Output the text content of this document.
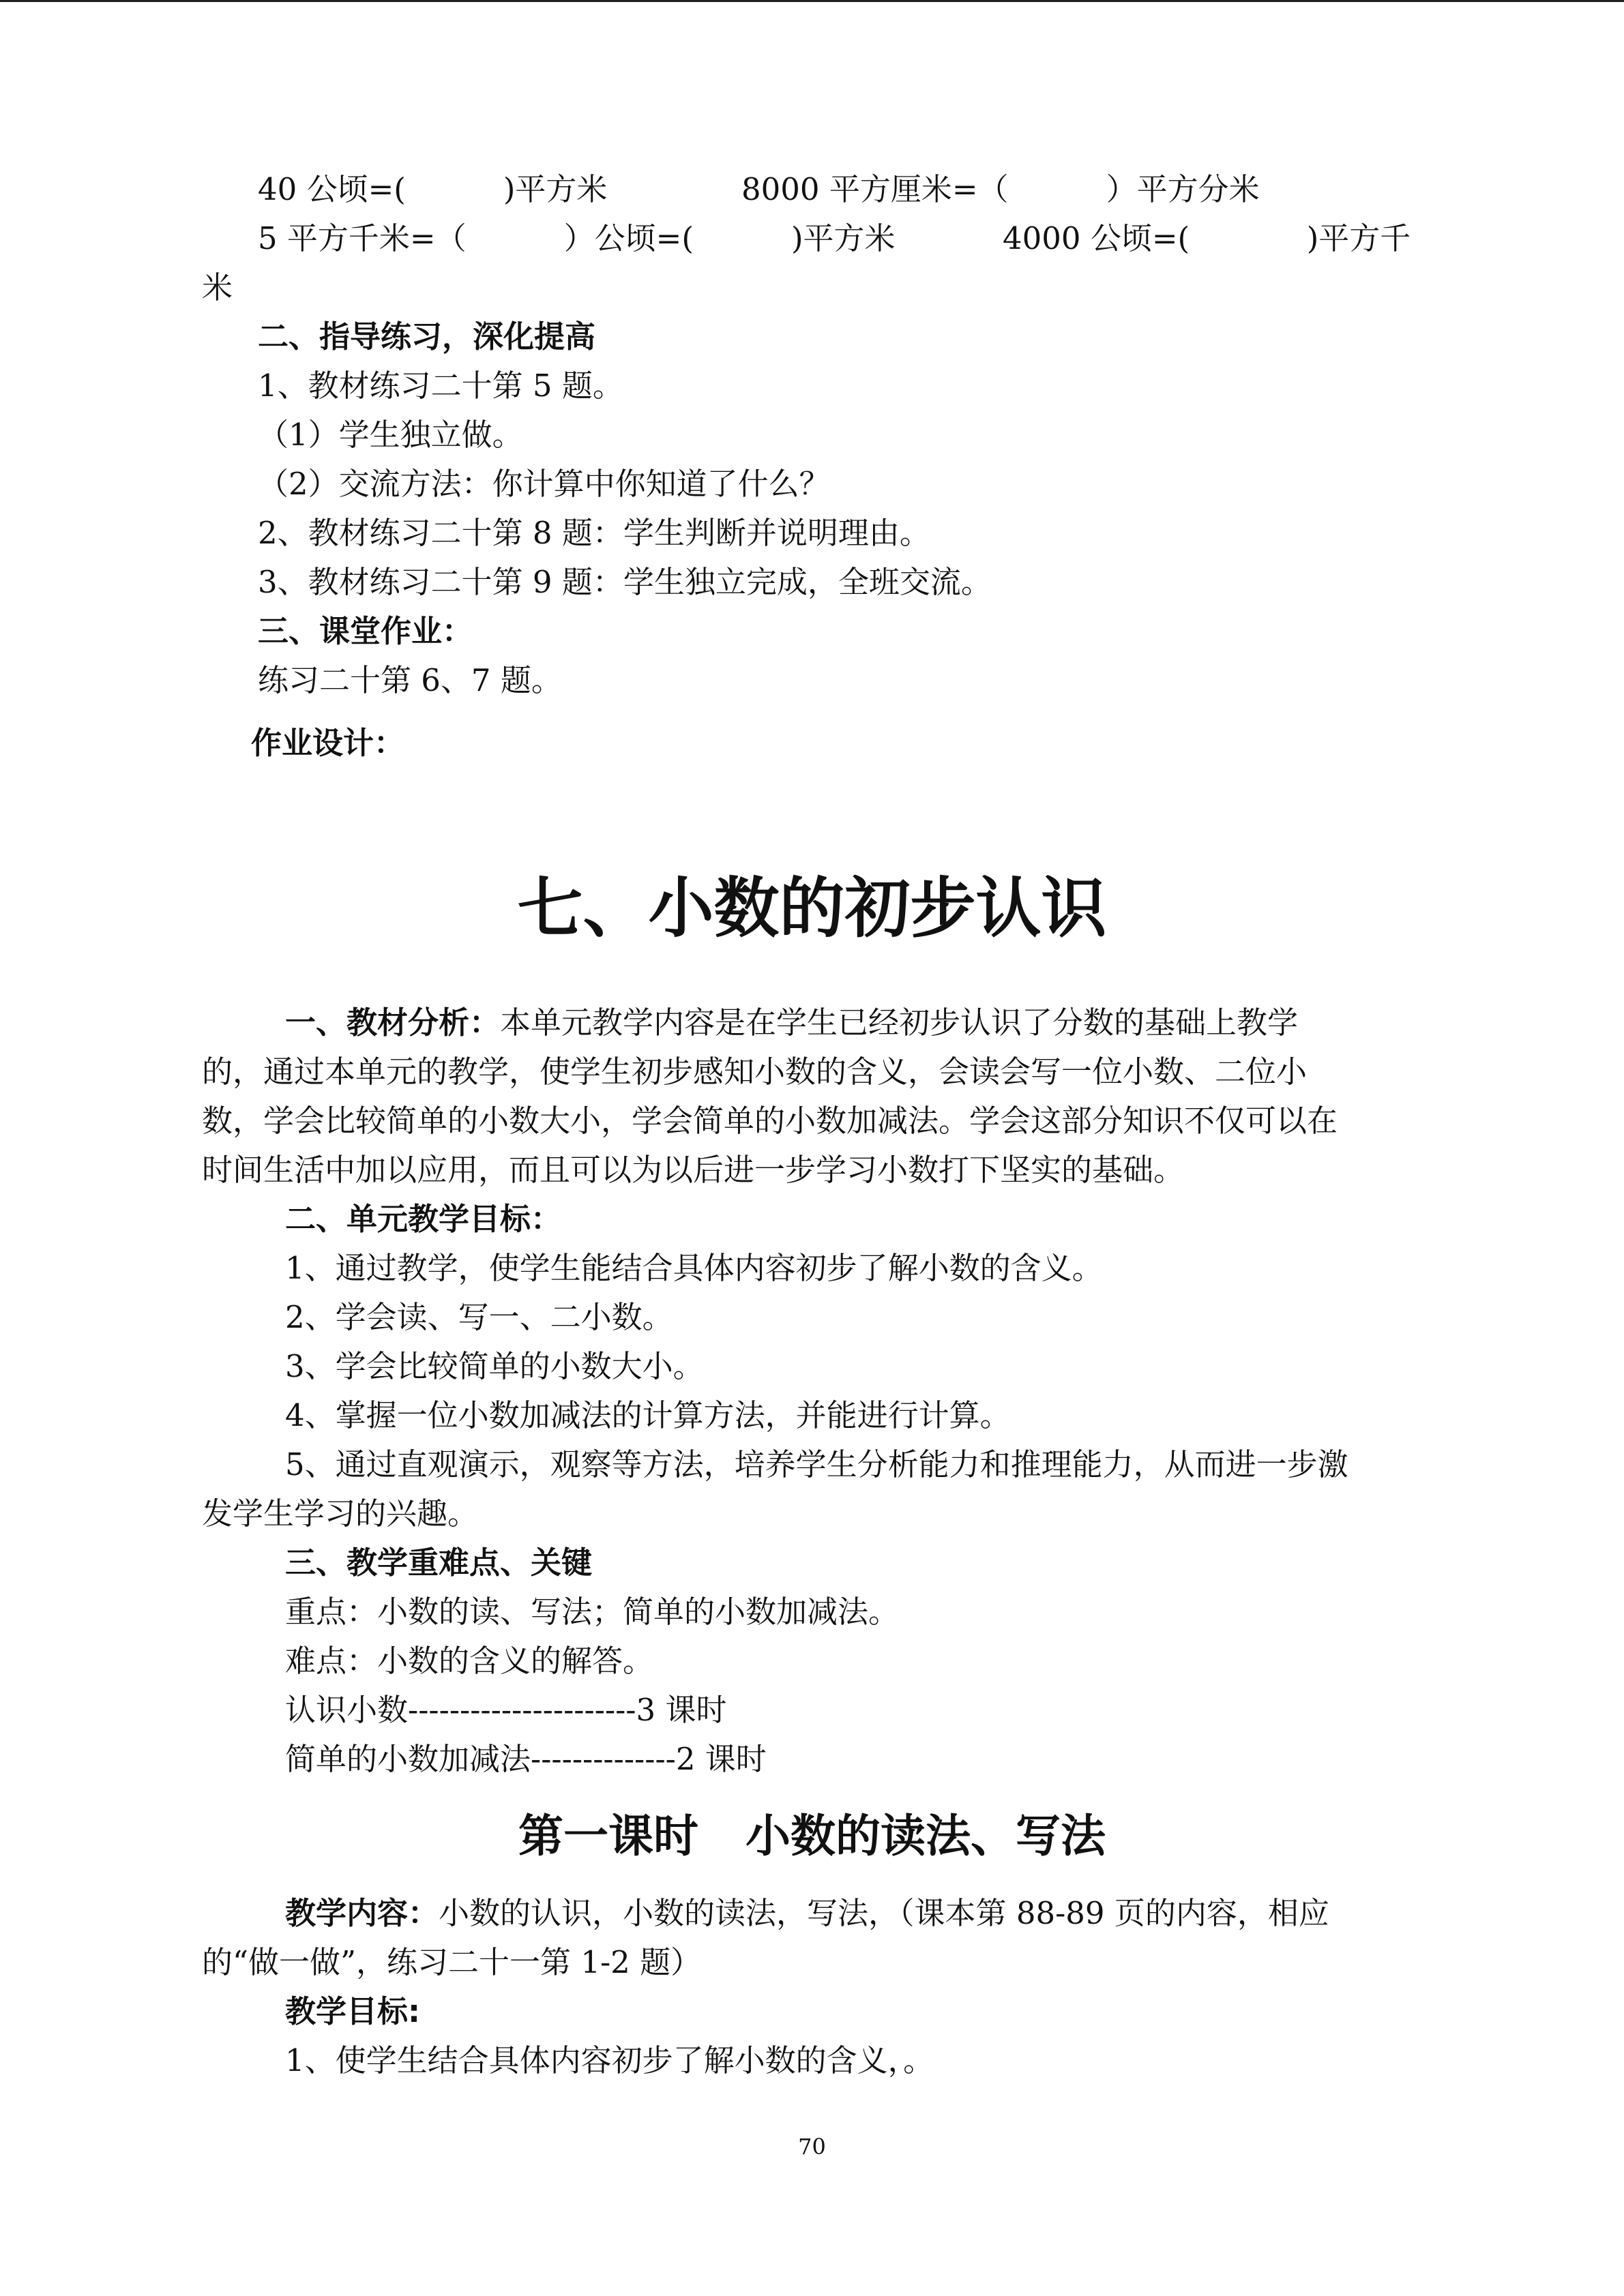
40 公顷=(          )平方米	8000 平方厘米=（          ）平方分米
5 平方千米=（          ）公顷=(          )平方米	4000 公顷=(            )平方千
米
二、指导练习，深化提高
1、教材练习二十第 5 题。
（1）学生独立做。
（2）交流方法：你计算中你知道了什么？
2、教材练习二十第 8 题：学生判断并说明理由。
3、教材练习二十第 9 题：学生独立完成，全班交流。
三、课堂作业：
练习二十第 6、7 题。
作业设计：
七、小数的初步认识
一、教材分析：本单元教学内容是在学生已经初步认识了分数的基础上教学
的，通过本单元的教学，使学生初步感知小数的含义，会读会写一位小数、二位小
数，学会比较简单的小数大小，学会简单的小数加减法。学会这部分知识不仅可以在
时间生活中加以应用，而且可以为以后进一步学习小数打下坚实的基础。
二、单元教学目标：
1、通过教学，使学生能结合具体内容初步了解小数的含义。
2、学会读、写一、二小数。
3、学会比较简单的小数大小。
4、掌握一位小数加减法的计算方法，并能进行计算。
5、通过直观演示，观察等方法，培养学生分析能力和推理能力，从而进一步激
发学生学习的兴趣。
三、教学重难点、关键
重点：小数的读、写法；简单的小数加减法。
难点：小数的含义的解答。
认识小数----------------------3 课时
简单的小数加减法--------------2 课时
第一课时   小数的读法、写法
教学内容：小数的认识，小数的读法，写法，（课本第 88-89 页的内容，相应
的“做一做”，练习二十一第 1-2 题）
教学目标:
1、使学生结合具体内容初步了解小数的含义，。
70
